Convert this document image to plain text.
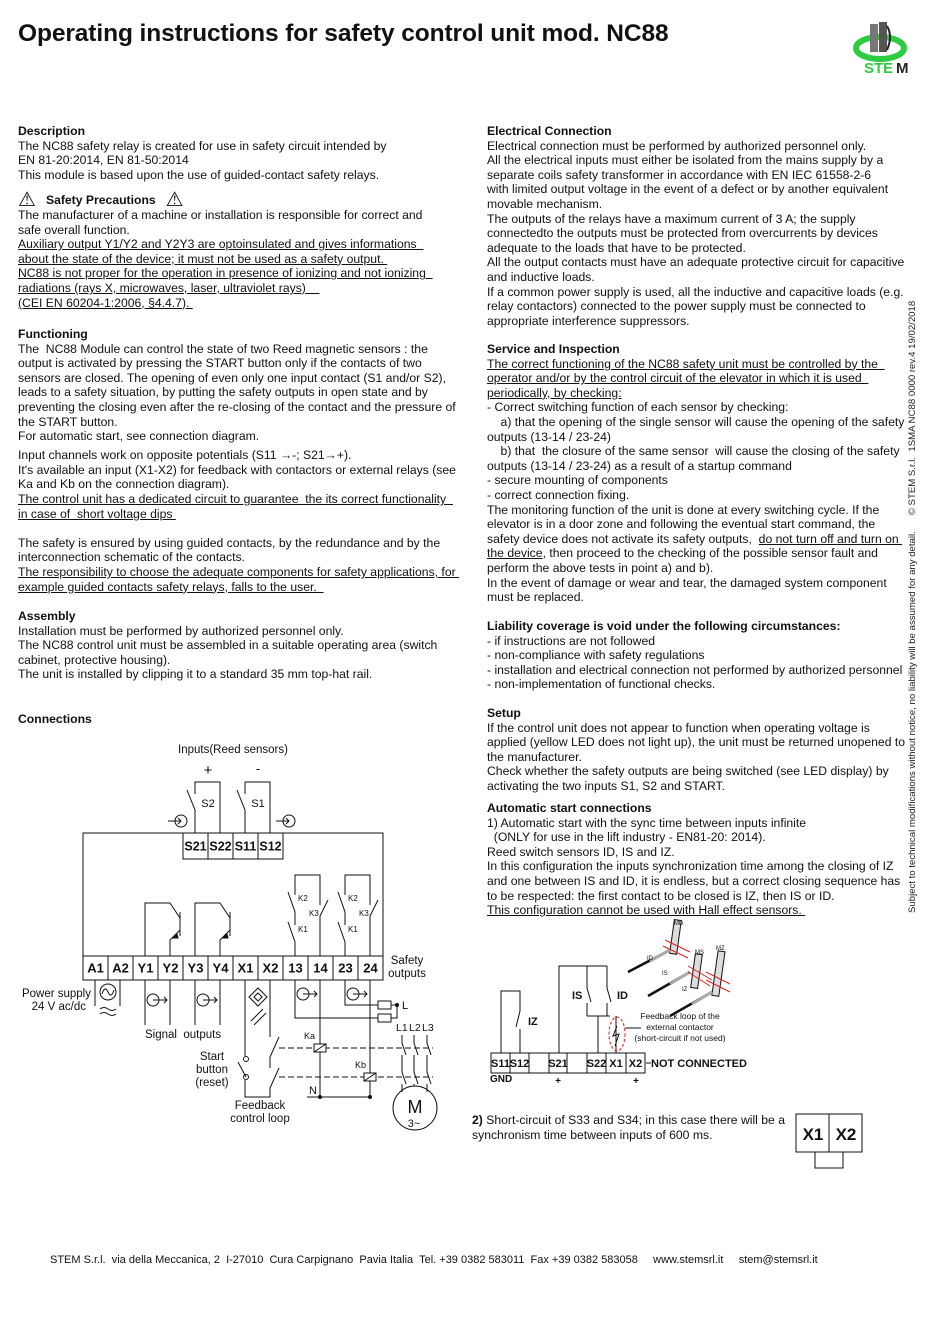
Operating instructions for safety control unit mod. NC88
STE M
Description
The NC88 safety relay is created for use in safety circuit intended by
EN 81-20:2014, EN 81-50:2014
This module is based upon the use of guided-contact safety relays.
⚠ Safety Precautions ⚠
The manufacturer of a machine or installation is responsible for correct and
safe overall function.
Auxiliary output Y1/Y2 and Y2Y3 are optoinsulated and gives informations
about the state of the device; it must not be used as a safety output.
NC88 is not proper for the operation in presence of ionizing and not ionizing
radiations (rays X, microwaves, laser, ultraviolet rays)
(CEI EN 60204-1:2006, §4.4.7).
Functioning
The  NC88 Module can control the state of two Reed magnetic sensors : the
output is activated by pressing the START button only if the contacts of two
sensors are closed. The opening of even only one input contact (S1 and/or S2),
leads to a safety situation, by putting the safety outputs in open state and by
preventing the closing even after the re-closing of the contact and the pressure of
the START button.
For automatic start, see connection diagram.
Input channels work on opposite potentials (S11 →-; S21→+).
It's available an input (X1-X2) for feedback with contactors or external relays (see
Ka and Kb on the connection diagram).
The control unit has a dedicated circuit to guarantee  the its correct functionality
in case of  short voltage dips
The safety is ensured by using guided contacts, by the redundance and by the
interconnection schematic of the contacts.
The responsibility to choose the adequate components for safety applications, for
example guided contacts safety relays, falls to the user.
Assembly
Installation must be performed by authorized personnel only.
The NC88 control unit must be assembled in a suitable operating area (switch
cabinet, protective housing).
The unit is installed by clipping it to a standard 35 mm top-hat rail.

Connections

Electrical Connection
Electrical connection must be performed by authorized personnel only.
All the electrical inputs must either be isolated from the mains supply by a
separate coils safety transformer in accordance with EN IEC 61558-2-6
with limited output voltage in the event of a defect or by another equivalent
movable mechanism.
The outputs of the relays have a maximum current of 3 A; the supply
connectedto the outputs must be protected from overcurrents by devices
adequate to the loads that have to be protected.
All the output contacts must have an adequate protective circuit for capacitive
and inductive loads.
If a common power supply is used, all the inductive and capacitive loads (e.g.
relay contactors) connected to the power supply must be connected to
appropriate interference suppressors.
Service and Inspection
The correct functioning of the NC88 safety unit must be controlled by the
operator and/or by the control circuit of the elevator in which it is used
periodically, by checking:
- Correct switching function of each sensor by checking:
a) that the opening of the single sensor will cause the opening of the safety
outputs (13-14 / 23-24)
b) that  the closure of the same sensor  will cause the closing of the safety
outputs (13-14 / 23-24) as a result of a startup command
- secure mounting of components
- correct connection fixing.
The monitoring function of the unit is done at every switching cycle. If the
elevator is in a door zone and following the eventual start command, the
safety device does not activate its safety outputs,  do not turn off and turn on
the device, then proceed to the checking of the possible sensor fault and
perform the above tests in point a) and b).
In the event of damage or wear and tear, the damaged system component
must be replaced.
Liability coverage is void under the following circumstances:
- if instructions are not followed
- non-compliance with safety regulations
- installation and electrical connection not performed by authorized personnel
- non-implementation of functional checks.
Setup
If the control unit does not appear to function when operating voltage is
applied (yellow LED does not light up), the unit must be returned unopened to
the manufacturer.
Check whether the safety outputs are being switched (see LED display) by
activating the two inputs S1, S2 and START.
Automatic start connections
1) Automatic start with the sync time between inputs infinite
(ONLY for use in the lift industry - EN81-20: 2014).
Reed switch sensors ID, IS and IZ.
In this configuration the inputs synchronization time among the closing of IZ
and one between IS and ID, it is endless, but a correct closing sequence has
to be respected: the first contact to be closed is IZ, then IS or ID.
This configuration cannot be used with Hall effect sensors.
2) Short-circuit of S33 and S34; in this case there will be a
synchronism time between inputs of 600 ms.
Inputs(Reed sensors)
+	-
S2	S1
S21 S22 S11 S12
A1 A2 Y1 Y2 Y3 Y4 X1 X2 13 14 23 24
K2
K3
K1
K2
K3
K1
Safety
outputs
Power supply
24 V ac/dc
Signal  outputs
Start
button
(reset)
Feedback
control loop
L
Ka
Kb
N
L1 L2 L3
M
3~
S11 S12 S21 S22 X1 X2 NOT CONNECTED
GND	+	+
IZ
IS	ID
Feedback loop of the
external contactor
(short-circuit if not used)
MD
MS
MZ
ID
IS
IZ
X1 X2
STEM S.r.l.  via della Meccanica, 2  I-27010  Cura Carpignano  Pavia Italia  Tel. +39 0382 583011  Fax +39 0382 583058     www.stemsrl.it     stem@stemsrl.it
Subject to technical modifications without notice, no liability will be assumed for any detail.      © STEM S.r.l.  1SMA NC88 0000 rev.4 19/02/2018
